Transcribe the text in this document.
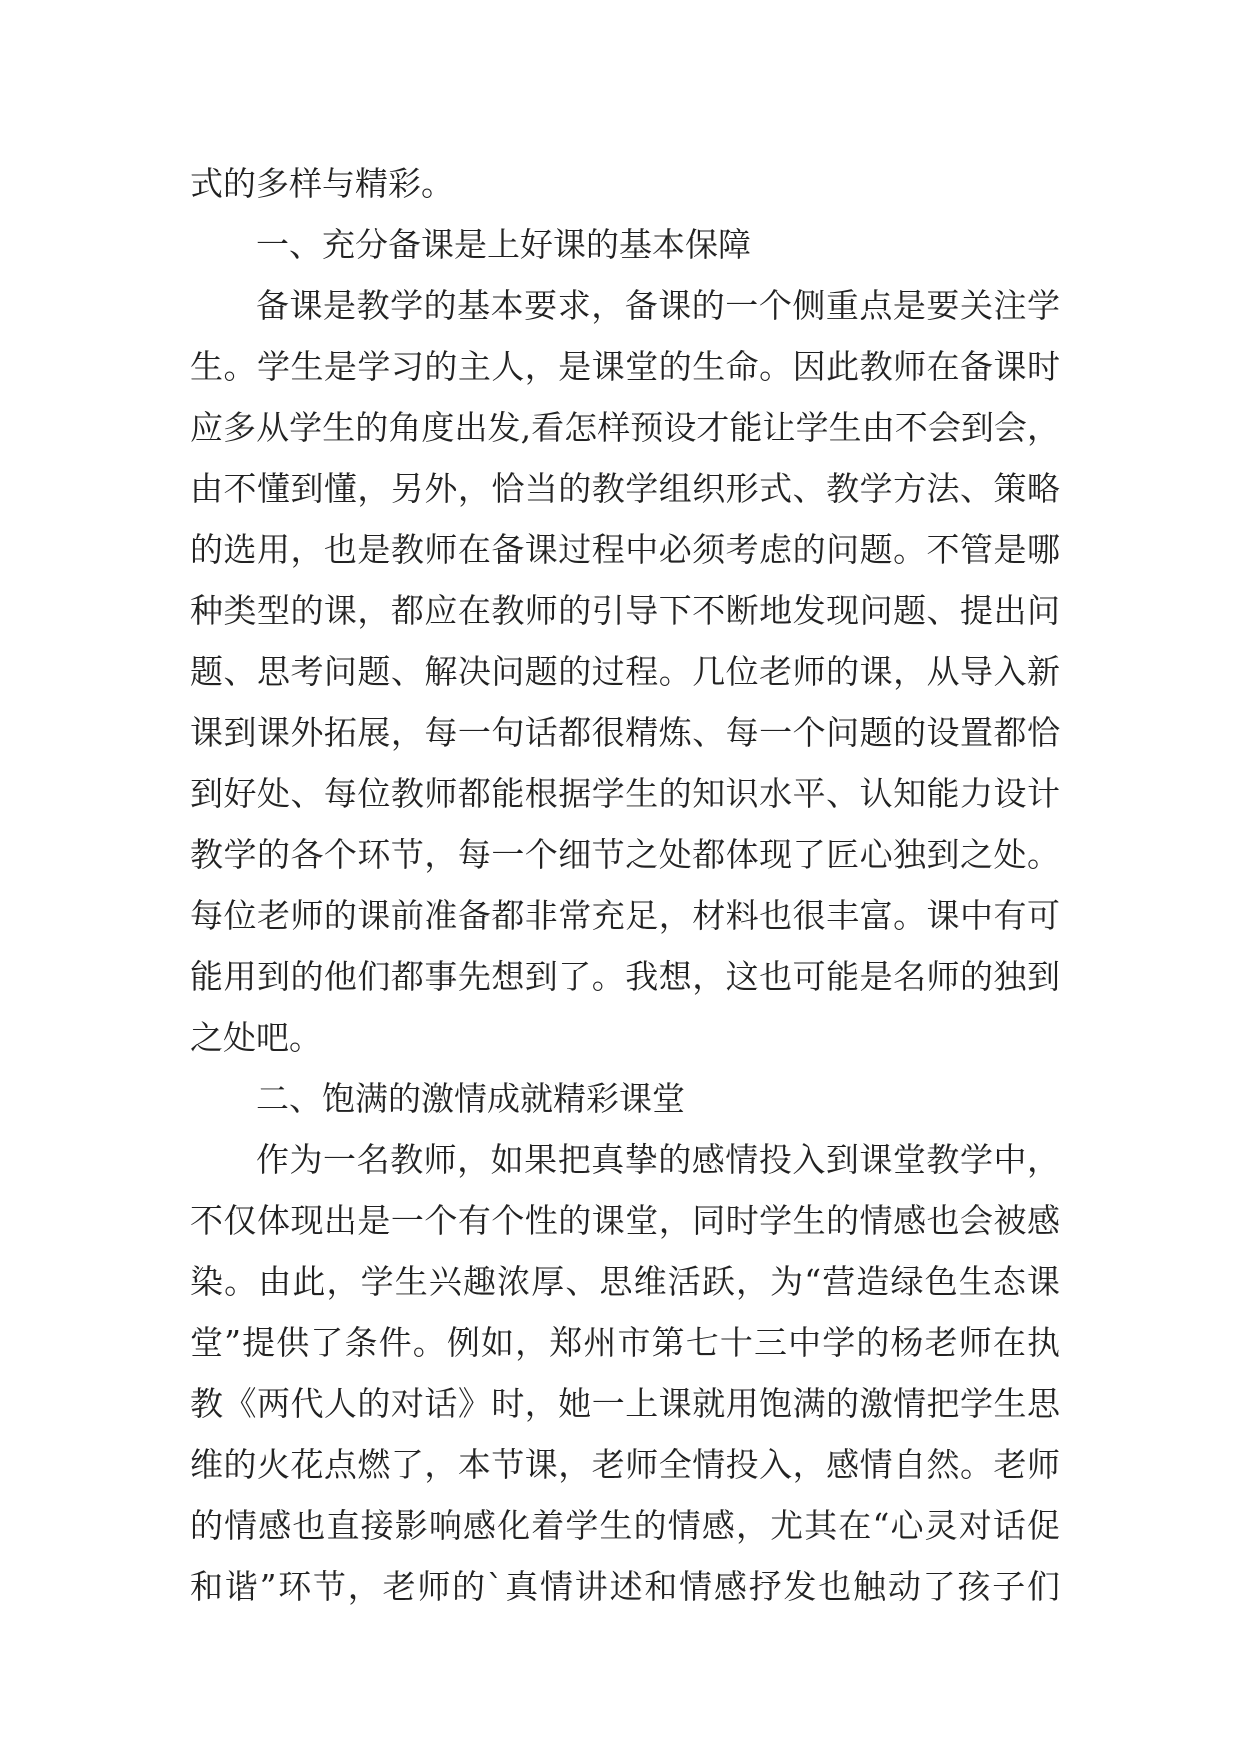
式的多样与精彩。
一、充分备课是上好课的基本保障
备课是教学的基本要求，备课的一个侧重点是要关注学
生。学生是学习的主人，是课堂的生命。因此教师在备课时
应多从学生的角度出发,看怎样预设才能让学生由不会到会，
由不懂到懂，另外，恰当的教学组织形式、教学方法、策略
的选用，也是教师在备课过程中必须考虑的问题。不管是哪
种类型的课，都应在教师的引导下不断地发现问题、提出问
题、思考问题、解决问题的过程。几位老师的课，从导入新
课到课外拓展，每一句话都很精炼、每一个问题的设置都恰
到好处、每位教师都能根据学生的知识水平、认知能力设计
教学的各个环节，每一个细节之处都体现了匠心独到之处。
每位老师的课前准备都非常充足，材料也很丰富。课中有可
能用到的他们都事先想到了。我想，这也可能是名师的独到
之处吧。
二、饱满的激情成就精彩课堂
作为一名教师，如果把真挚的感情投入到课堂教学中，
不仅体现出是一个有个性的课堂，同时学生的情感也会被感
染。由此，学生兴趣浓厚、思维活跃，为“营造绿色生态课
堂”提供了条件。例如，郑州市第七十三中学的杨老师在执
教《两代人的对话》时，她一上课就用饱满的激情把学生思
维的火花点燃了，本节课，老师全情投入，感情自然。老师
的情感也直接影响感化着学生的情感，尤其在“心灵对话促
和谐”环节，老师的`真情讲述和情感抒发也触动了孩子们
